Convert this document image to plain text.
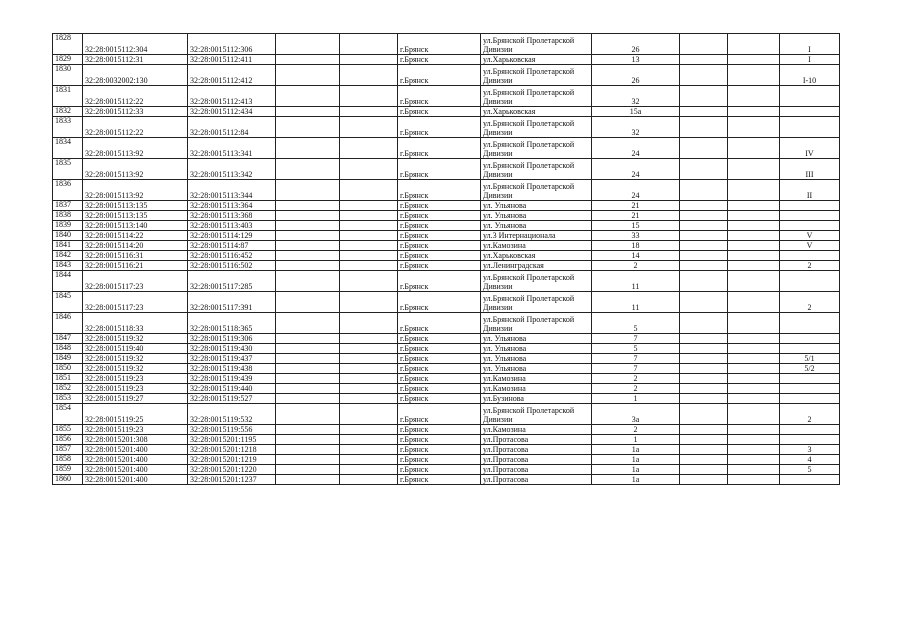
1828	32:28:0015112:304	32:28:0015112:306			г.Брянск	ул.Брянской Пролетарской Дивизии	26			I
1829	32:28:0015112:31	32:28:0015112:411			г.Брянск	ул.Харьковская	13			I
1830	32:28:0032002:130	32:28:0015112:412			г.Брянск	ул.Брянской Пролетарской Дивизии	26			I-10
1831	32:28:0015112:22	32:28:0015112:413			г.Брянск	ул.Брянской Пролетарской Дивизии	32			
1832	32:28:0015112:33	32:28:0015112:434			г.Брянск	ул.Харьковская	15а			
1833	32:28:0015112:22	32:28:0015112:84			г.Брянск	ул.Брянской Пролетарской Дивизии	32			
1834	32:28:0015113:92	32:28:0015113:341			г.Брянск	ул.Брянской Пролетарской Дивизии	24			IV
1835	32:28:0015113:92	32:28:0015113:342			г.Брянск	ул.Брянской Пролетарской Дивизии	24			III
1836	32:28:0015113:92	32:28:0015113:344			г.Брянск	ул.Брянской Пролетарской Дивизии	24			II
1837	32:28:0015113:135	32:28:0015113:364			г.Брянск	ул. Ульянова	21			
1838	32:28:0015113:135	32:28:0015113:368			г.Брянск	ул. Ульянова	21			
1839	32:28:0015113:140	32:28:0015113:403			г.Брянск	ул. Ульянова	15			
1840	32:28:0015114:22	32:28:0015114:129			г.Брянск	ул.3 Интернационала	33			V
1841	32:28:0015114:20	32:28:0015114:87			г.Брянск	ул.Камозина	18			V
1842	32:28:0015116:31	32:28:0015116:452			г.Брянск	ул.Харьковская	14			
1843	32:28:0015116:21	32:28:0015116:502			г.Брянск	ул.Ленинградская	2			2
1844	32:28:0015117:23	32:28:0015117:285			г.Брянск	ул.Брянской Пролетарской Дивизии	11			
1845	32:28:0015117:23	32:28:0015117:391			г.Брянск	ул.Брянской Пролетарской Дивизии	11			2
1846	32:28:0015118:33	32:28:0015118:365			г.Брянск	ул.Брянской Пролетарской Дивизии	5			
1847	32:28:0015119:32	32:28:0015119:306			г.Брянск	ул. Ульянова	7			
1848	32:28:0015119:40	32:28:0015119:430			г.Брянск	ул. Ульянова	5			
1849	32:28:0015119:32	32:28:0015119:437			г.Брянск	ул. Ульянова	7			5/1
1850	32:28:0015119:32	32:28:0015119:438			г.Брянск	ул. Ульянова	7			5/2
1851	32:28:0015119:23	32:28:0015119:439			г.Брянск	ул.Камозина	2			
1852	32:28:0015119:23	32:28:0015119:440			г.Брянск	ул.Камозина	2			
1853	32:28:0015119:27	32:28:0015119:527			г.Брянск	ул.Бузинова	1			
1854	32:28:0015119:25	32:28:0015119:532			г.Брянск	ул.Брянской Пролетарской Дивизии	3а			2
1855	32:28:0015119:23	32:28:0015119:556			г.Брянск	ул.Камозина	2			
1856	32:28:0015201:308	32:28:0015201:1195			г.Брянск	ул.Протасова	1			
1857	32:28:0015201:400	32:28:0015201:1218			г.Брянск	ул.Протасова	1а			3
1858	32:28:0015201:400	32:28:0015201:1219			г.Брянск	ул.Протасова	1а			4
1859	32:28:0015201:400	32:28:0015201:1220			г.Брянск	ул.Протасова	1а			5
1860	32:28:0015201:400	32:28:0015201:1237			г.Брянск	ул.Протасова	1а			
